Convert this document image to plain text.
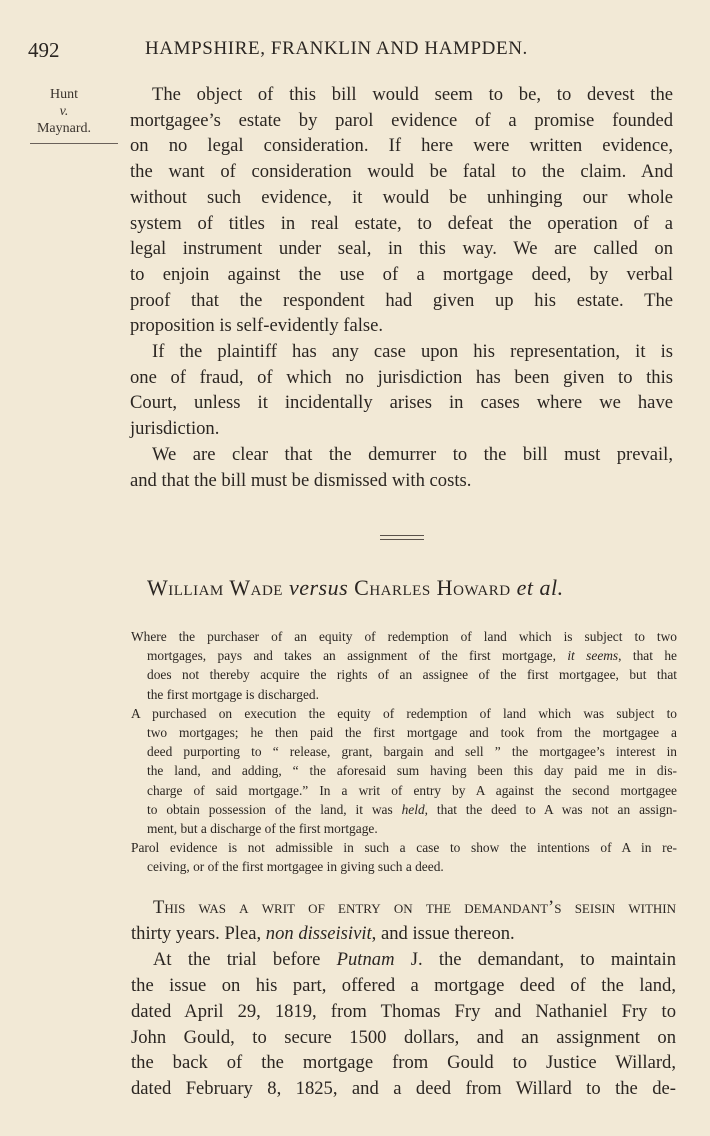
492	HAMPSHIRE, FRANKLIN AND HAMPDEN.
Hunt
v.
Maynard.
The object of this bill would seem to be, to devest the
mortgagee’s estate by parol evidence of a promise founded
on no legal consideration. If here were written evidence,
the want of consideration would be fatal to the claim. And
without such evidence, it would be unhinging our whole
system of titles in real estate, to defeat the operation of a
legal instrument under seal, in this way. We are called on
to enjoin against the use of a mortgage deed, by verbal
proof that the respondent had given up his estate. The
proposition is self-evidently false.
If the plaintiff has any case upon his representation, it is
one of fraud, of which no jurisdiction has been given to this
Court, unless it incidentally arises in cases where we have
jurisdiction.
We are clear that the demurrer to the bill must prevail,
and that the bill must be dismissed with costs.
William Wade versus Charles Howard et al.
Where the purchaser of an equity of redemption of land which is subject to two
mortgages, pays and takes an assignment of the first mortgage, it seems, that he
does not thereby acquire the rights of an assignee of the first mortgagee, but that
the first mortgage is discharged.
A purchased on execution the equity of redemption of land which was subject to
two mortgages; he then paid the first mortgage and took from the mortgagee a
deed purporting to “ release, grant, bargain and sell ” the mortgagee’s interest in
the land, and adding, “ the aforesaid sum having been this day paid me in dis-
charge of said mortgage.” In a writ of entry by A against the second mortgagee
to obtain possession of the land, it was held, that the deed to A was not an assign-
ment, but a discharge of the first mortgage.
Parol evidence is not admissible in such a case to show the intentions of A in re-
ceiving, or of the first mortgagee in giving such a deed.
This was a writ of entry on the demandant’s seisin within
thirty years. Plea, non disseisivit, and issue thereon.
At the trial before Putnam J. the demandant, to maintain
the issue on his part, offered a mortgage deed of the land,
dated April 29, 1819, from Thomas Fry and Nathaniel Fry to
John Gould, to secure 1500 dollars, and an assignment on
the back of the mortgage from Gould to Justice Willard,
dated February 8, 1825, and a deed from Willard to the de-
